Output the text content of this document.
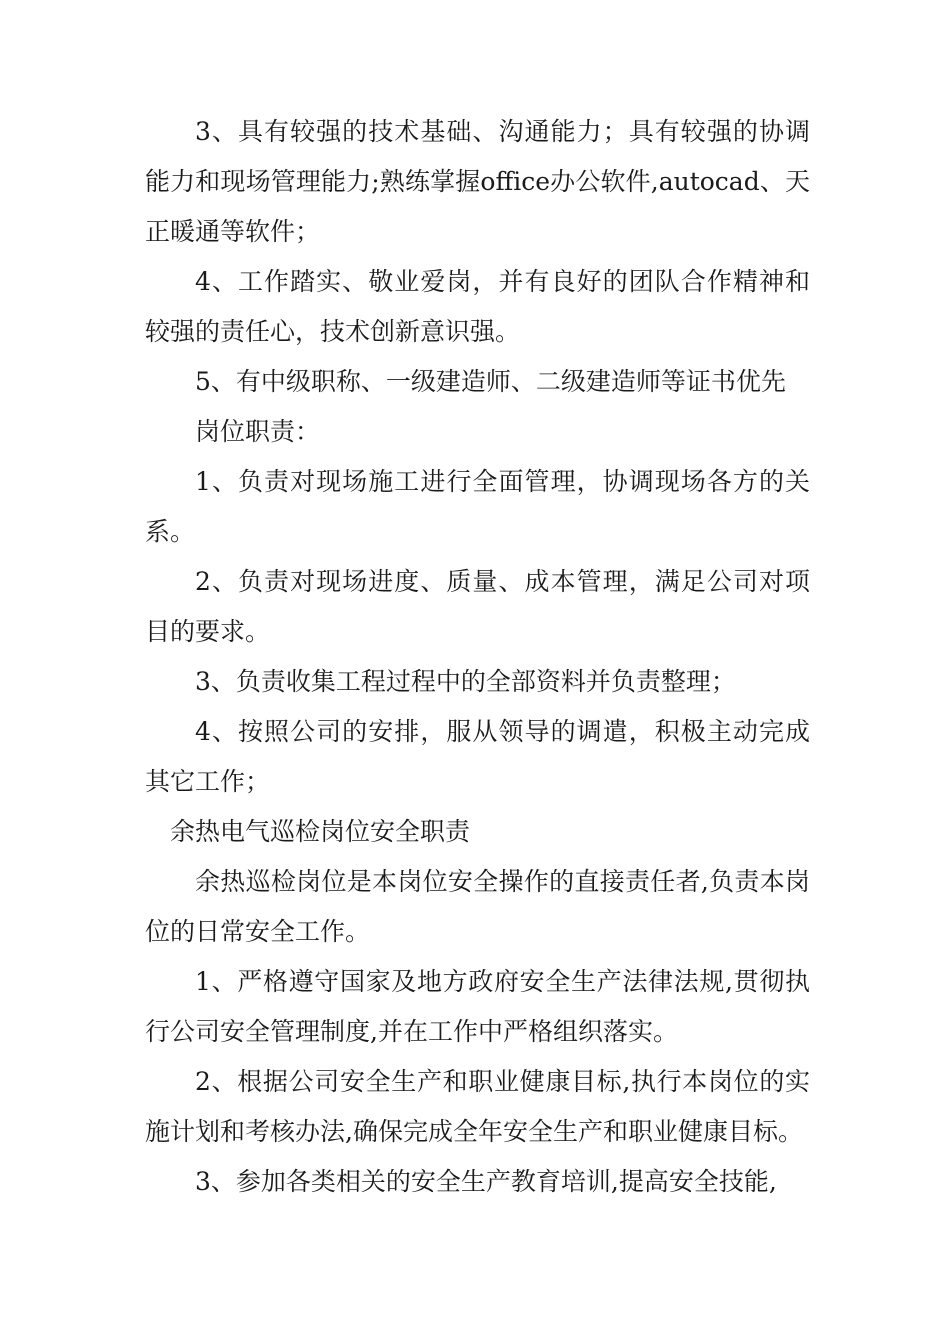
3、具有较强的技术基础、沟通能力；具有较强的协调能力和现场管理能力;熟练掌握office办公软件,autocad、天正暖通等软件；

4、工作踏实、敬业爱岗，并有良好的团队合作精神和较强的责任心，技术创新意识强。

5、有中级职称、一级建造师、二级建造师等证书优先

岗位职责：

1、负责对现场施工进行全面管理，协调现场各方的关系。

2、负责对现场进度、质量、成本管理，满足公司对项目的要求。

3、负责收集工程过程中的全部资料并负责整理；

4、按照公司的安排，服从领导的调遣，积极主动完成其它工作；

余热电气巡检岗位安全职责

余热巡检岗位是本岗位安全操作的直接责任者,负责本岗位的日常安全工作。

1、严格遵守国家及地方政府安全生产法律法规,贯彻执行公司安全管理制度,并在工作中严格组织落实。

2、根据公司安全生产和职业健康目标,执行本岗位的实施计划和考核办法,确保完成全年安全生产和职业健康目标。

3、参加各类相关的安全生产教育培训,提高安全技能,
